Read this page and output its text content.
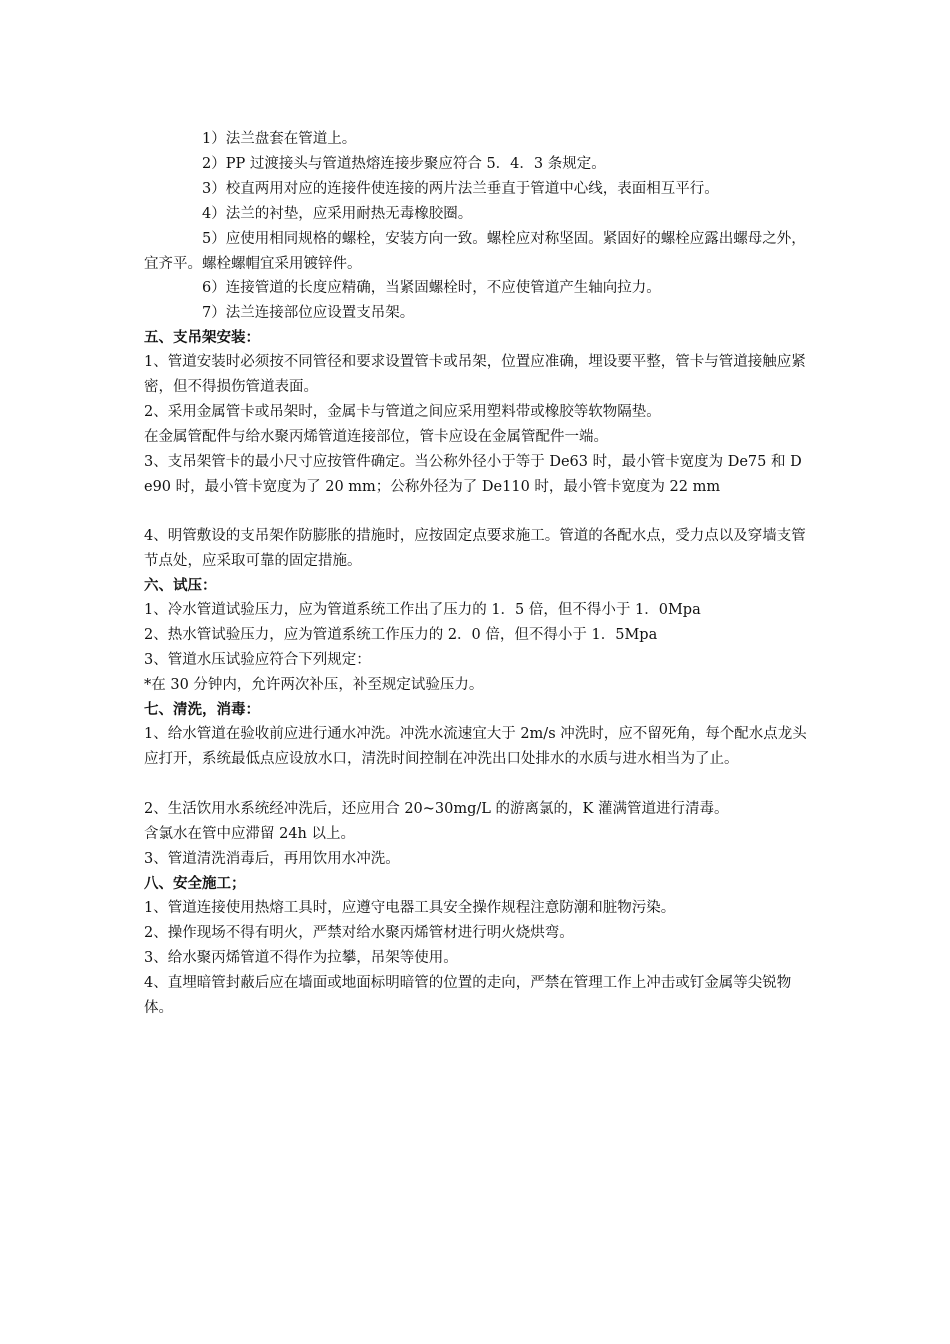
1）法兰盘套在管道上。
2）PP 过渡接头与管道热熔连接步聚应符合 5．4．3 条规定。
3）校直两用对应的连接件使连接的两片法兰垂直于管道中心线，表面相互平行。
4）法兰的衬垫，应采用耐热无毒橡胶圈。
5）应使用相同规格的螺栓，安装方向一致。螺栓应对称坚固。紧固好的螺栓应露出螺母之外，宜齐平。螺栓螺帽宜采用镀锌件。
6）连接管道的长度应精确，当紧固螺栓时，不应使管道产生轴向拉力。
7）法兰连接部位应设置支吊架。
五、支吊架安装：
1、管道安装时必须按不同管径和要求设置管卡或吊架，位置应准确，埋设要平整，管卡与管道接触应紧密，但不得损伤管道表面。
2、采用金属管卡或吊架时，金属卡与管道之间应采用塑料带或橡胶等软物隔垫。
在金属管配件与给水聚丙烯管道连接部位，管卡应设在金属管配件一端。
3、支吊架管卡的最小尺寸应按管件确定。当公称外径小于等于 De63 时，最小管卡宽度为 De75 和 De90 时，最小管卡宽度为了 20 mm；公称外径为了 De110 时，最小管卡宽度为 22 mm
4、明管敷设的支吊架作防膨胀的措施时，应按固定点要求施工。管道的各配水点，受力点以及穿墙支管节点处，应采取可靠的固定措施。
六、试压：
1、冷水管道试验压力，应为管道系统工作出了压力的 1．5 倍，但不得小于 1．0Mpa
2、热水管试验压力，应为管道系统工作压力的 2．0 倍，但不得小于 1．5Mpa
3、管道水压试验应符合下列规定：
*在 30 分钟内，允许两次补压，补至规定试验压力。
七、清洗，消毒：
1、给水管道在验收前应进行通水冲洗。冲洗水流速宜大于 2m/s 冲洗时，应不留死角，每个配水点龙头应打开，系统最低点应设放水口，清洗时间控制在冲洗出口处排水的水质与进水相当为了止。
2、生活饮用水系统经冲洗后，还应用合 20~30mg/L 的游离氯的，K 灌满管道进行清毒。
含氯水在管中应滞留 24h 以上。
3、管道清洗消毒后，再用饮用水冲洗。
八、安全施工；
1、管道连接使用热熔工具时，应遵守电器工具安全操作规程注意防潮和脏物污染。
2、操作现场不得有明火，严禁对给水聚丙烯管材进行明火烧烘弯。
3、给水聚丙烯管道不得作为拉攀，吊架等使用。
4、直埋暗管封蔽后应在墙面或地面标明暗管的位置的走向，严禁在管理工作上冲击或钉金属等尖锐物体。
